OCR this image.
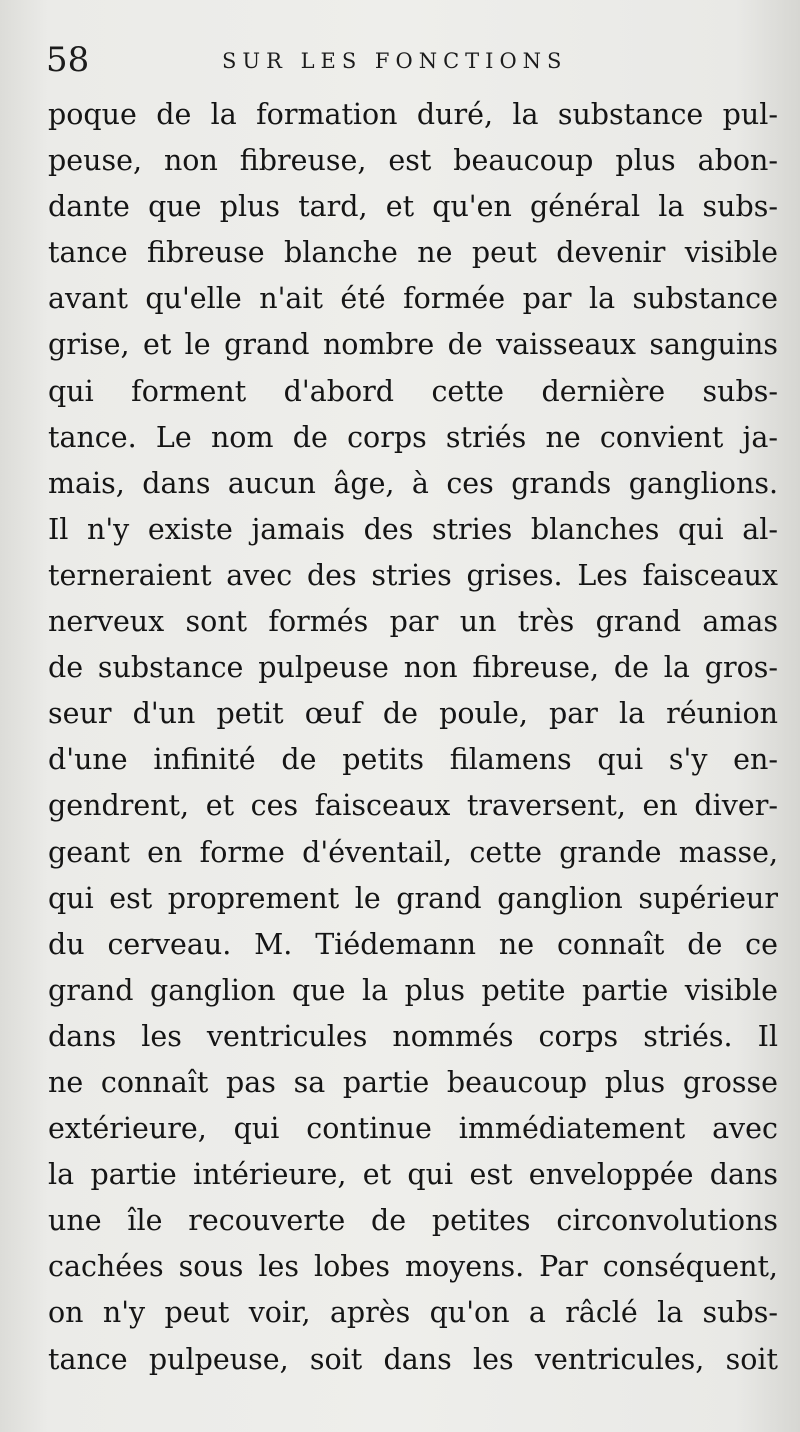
58	SUR LES FONCTIONS
poque de la formation duré, la substance pul-
peuse, non fibreuse, est beaucoup plus abon-
dante que plus tard, et qu'en général la subs-
tance fibreuse blanche ne peut devenir visible
avant qu'elle n'ait été formée par la substance
grise, et le grand nombre de vaisseaux sanguins
qui forment d'abord cette dernière subs-
tance. Le nom de corps striés ne convient ja-
mais, dans aucun âge, à ces grands ganglions.
Il n'y existe jamais des stries blanches qui al-
terneraient avec des stries grises. Les faisceaux
nerveux sont formés par un très grand amas
de substance pulpeuse non fibreuse, de la gros-
seur d'un petit œuf de poule, par la réunion
d'une infinité de petits filamens qui s'y en-
gendrent, et ces faisceaux traversent, en diver-
geant en forme d'éventail, cette grande masse,
qui est proprement le grand ganglion supérieur
du cerveau. M. Tiédemann ne connaît de ce
grand ganglion que la plus petite partie visible
dans les ventricules nommés corps striés. Il
ne connaît pas sa partie beaucoup plus grosse
extérieure, qui continue immédiatement avec
la partie intérieure, et qui est enveloppée dans
une île recouverte de petites circonvolutions
cachées sous les lobes moyens. Par conséquent,
on n'y peut voir, après qu'on a râclé la subs-
tance pulpeuse, soit dans les ventricules, soit
